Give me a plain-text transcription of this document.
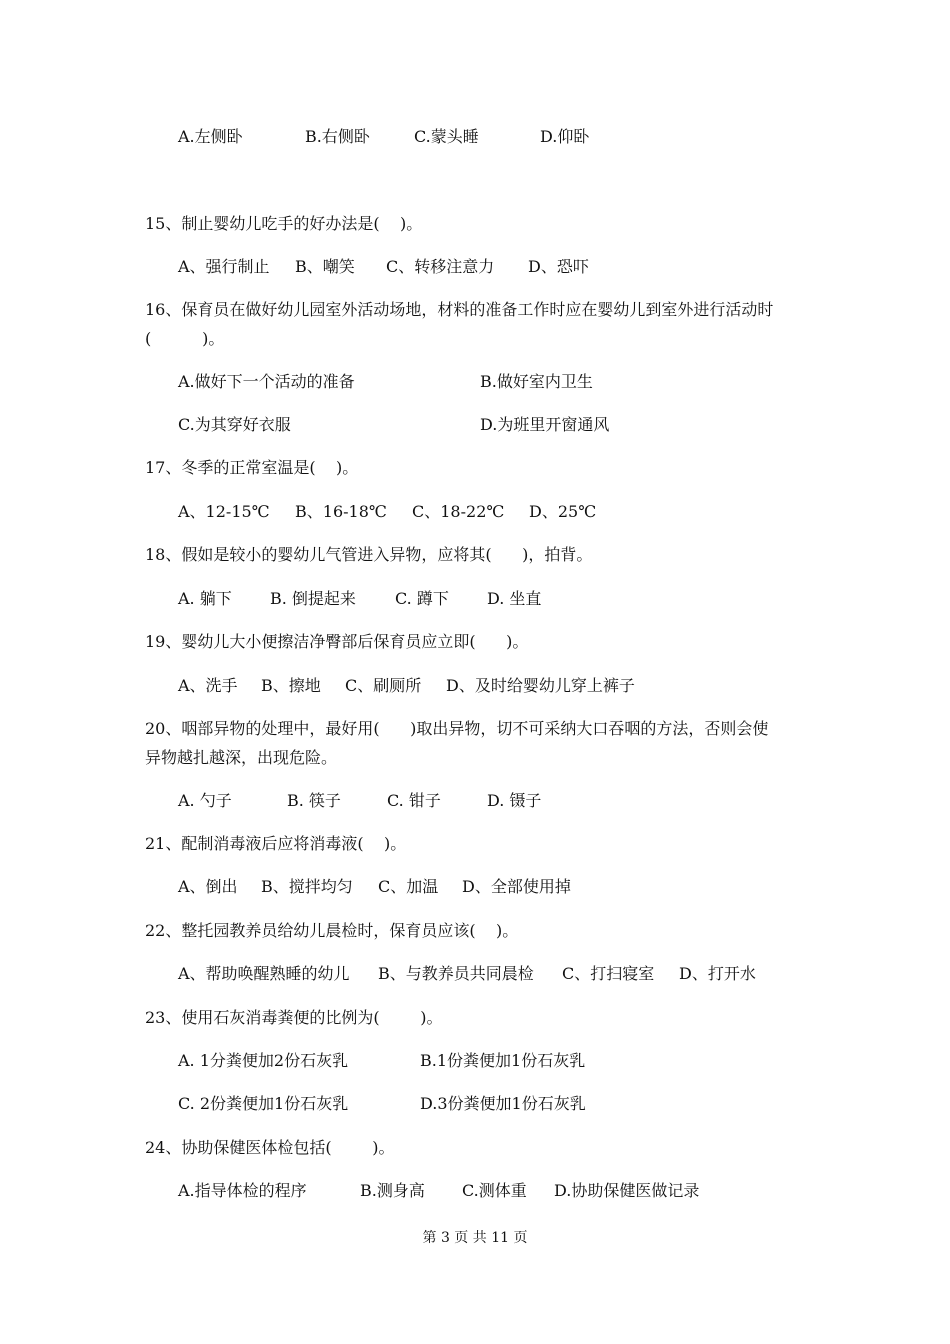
A.左侧卧	B.右侧卧	C.蒙头睡	D.仰卧
15、制止婴幼儿吃手的好办法是(    )。
A、强行制止 B、嘲笑 C、转移注意力 D、恐吓
16、保育员在做好幼儿园室外活动场地，材料的准备工作时应在婴幼儿到室外进行活动时
(          )。
A.做好下一个活动的准备	B.做好室内卫生
C.为其穿好衣服	D.为班里开窗通风
17、冬季的正常室温是(    )。
A、12-15℃ B、16-18℃ C、18-22℃ D、25℃
18、假如是较小的婴幼儿气管进入异物，应将其(      )，拍背。
A. 躺下 B. 倒提起来 C. 蹲下 D. 坐直
19、婴幼儿大小便擦洁净臀部后保育员应立即(      )。
A、洗手 B、擦地 C、刷厕所 D、及时给婴幼儿穿上裤子
20、咽部异物的处理中，最好用(      )取出异物，切不可采纳大口吞咽的方法，否则会使
异物越扎越深，出现危险。
A. 勺子	B. 筷子	C. 钳子	D. 镊子
21、配制消毒液后应将消毒液(    )。
A、倒出 B、搅拌均匀 C、加温 D、全部使用掉
22、整托园教养员给幼儿晨检时，保育员应该(    )。
A、帮助唤醒熟睡的幼儿 B、与教养员共同晨检 C、打扫寝室 D、打开水
23、使用石灰消毒粪便的比例为(        )。
A. 1分粪便加2份石灰乳	B.1份粪便加1份石灰乳
C. 2份粪便加1份石灰乳	D.3份粪便加1份石灰乳
24、协助保健医体检包括(        )。
A.指导体检的程序	B.测身高 C.测体重 D.协助保健医做记录
第 3 页 共 11 页
